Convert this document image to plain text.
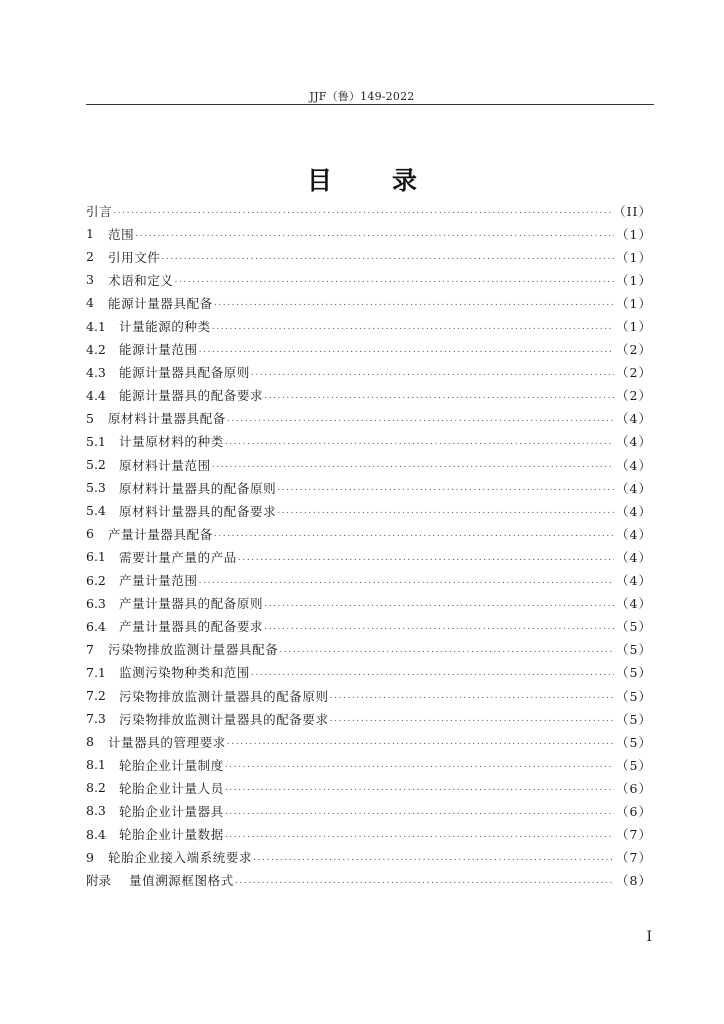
JJF（鲁）149-2022
目录
引言 .....	（II）
1	范围 .....	（1）
2	引用文件 .....	（1）
3	术语和定义 .....	（1）
4	能源计量器具配备 .....	（1）
4.1	计量能源的种类 .....	（1）
4.2	能源计量范围 .....	（2）
4.3	能源计量器具配备原则 .....	（2）
4.4	能源计量器具的配备要求 .....	（2）
5	原材料计量器具配备 .....	（4）
5.1	计量原材料的种类 .....	（4）
5.2	原材料计量范围 .....	（4）
5.3	原材料计量器具的配备原则 .....	（4）
5.4	原材料计量器具的配备要求 .....	（4）
6	产量计量器具配备 .....	（4）
6.1	需要计量产量的产品 .....	（4）
6.2	产量计量范围 .....	（4）
6.3	产量计量器具的配备原则 .....	（4）
6.4	产量计量器具的配备要求 .....	（5）
7	污染物排放监测计量器具配备 .....	（5）
7.1	监测污染物种类和范围 .....	（5）
7.2	污染物排放监测计量器具的配备原则 .....	（5）
7.3	污染物排放监测计量器具的配备要求 .....	（5）
8	计量器具的管理要求 .....	（5）
8.1	轮胎企业计量制度 .....	（5）
8.2	轮胎企业计量人员 .....	（6）
8.3	轮胎企业计量器具 .....	（6）
8.4	轮胎企业计量数据 .....	（7）
9	轮胎企业接入端系统要求 .....	（7）
附录	量值溯源框图格式 .....	（8）
I
